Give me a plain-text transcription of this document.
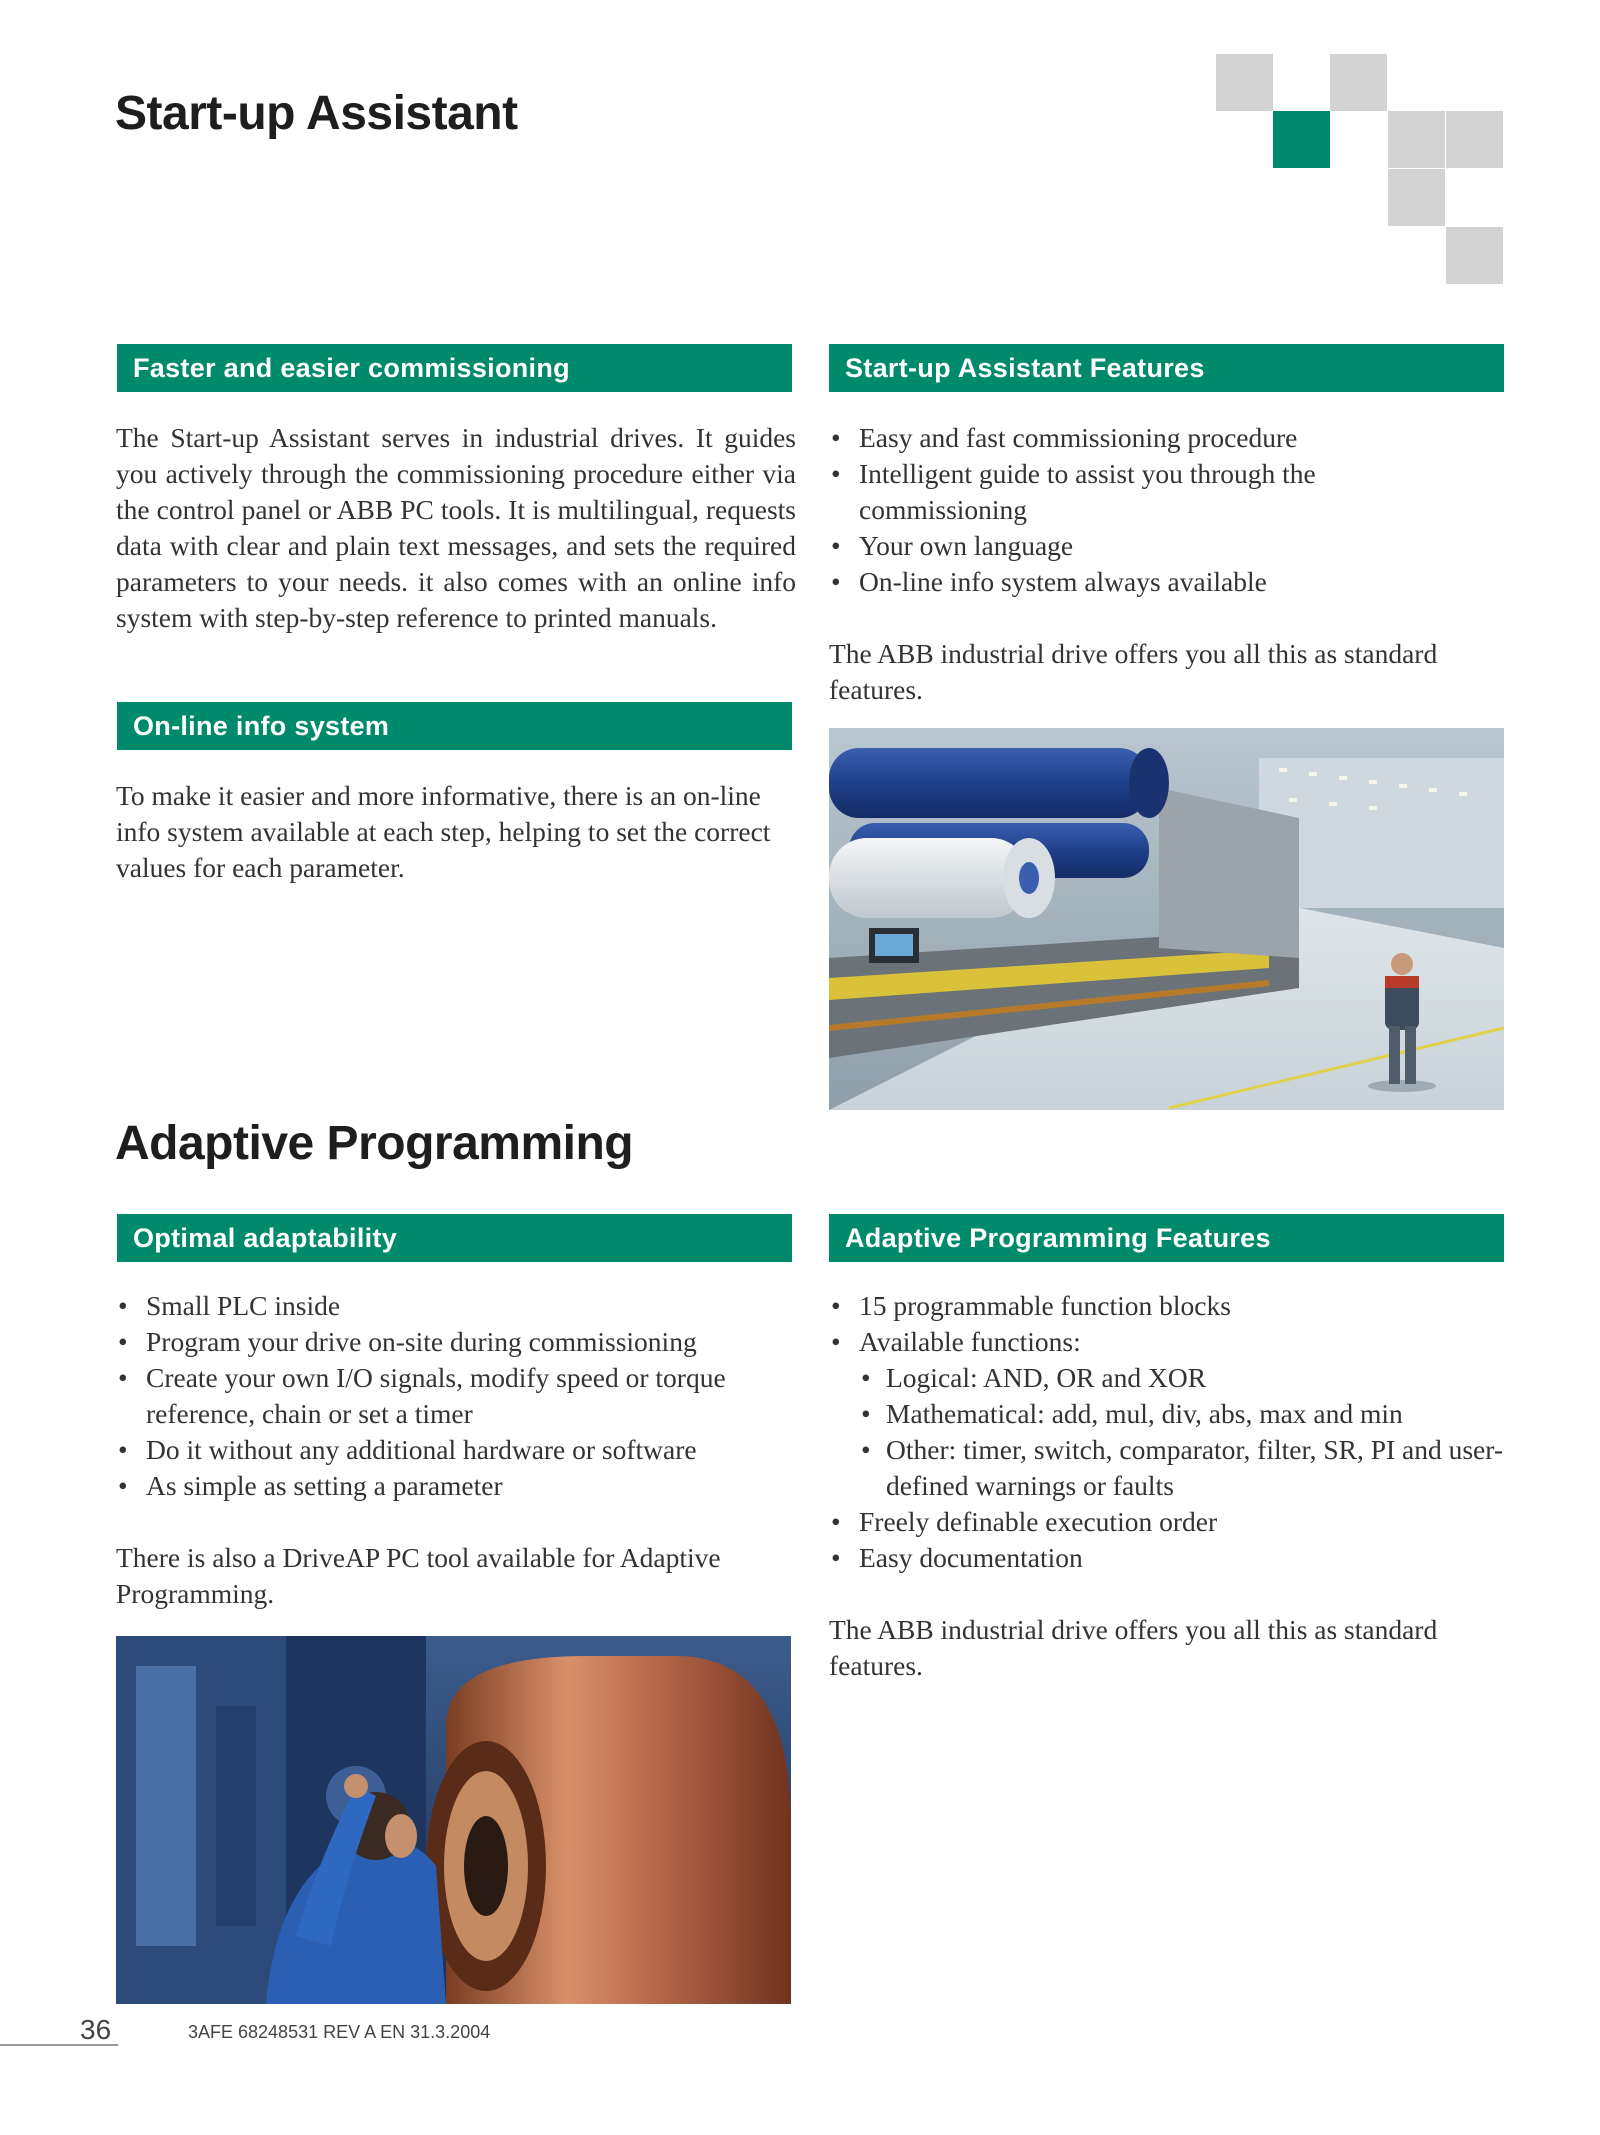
Start-up Assistant
Faster and easier commissioning

The Start-up Assistant serves in industrial drives. It guides you actively through the commissioning procedure either via the control panel or ABB PC tools. It is multilingual, requests data with clear and plain text messages, and sets the required parameters to your needs. it also comes with an online info system with step-by-step reference to printed manuals.

On-line info system

To make it easier and more informative, there is an on-line info system available at each step, helping to set the correct values for each parameter.

Start-up Assistant Features
• Easy and fast commissioning procedure
• Intelligent guide to assist you through the commissioning
• Your own language
• On-line info system always available

The ABB industrial drive offers you all this as standard features.

Adaptive Programming
Optimal adaptability
• Small PLC inside
• Program your drive on-site during commissioning
• Create your own I/O signals, modify speed or torque reference, chain or set a timer
• Do it without any additional hardware or software
• As simple as setting a parameter

There is also a DriveAP PC tool available for Adaptive Programming.

Adaptive Programming Features
• 15 programmable function blocks
• Available functions:
• Logical: AND, OR and XOR
• Mathematical: add, mul, div, abs, max and min
• Other: timer, switch, comparator, filter, SR, PI and user-defined warnings or faults
• Freely definable execution order
• Easy documentation

The ABB industrial drive offers you all this as standard features.

36	3AFE 68248531 REV A EN 31.3.2004
